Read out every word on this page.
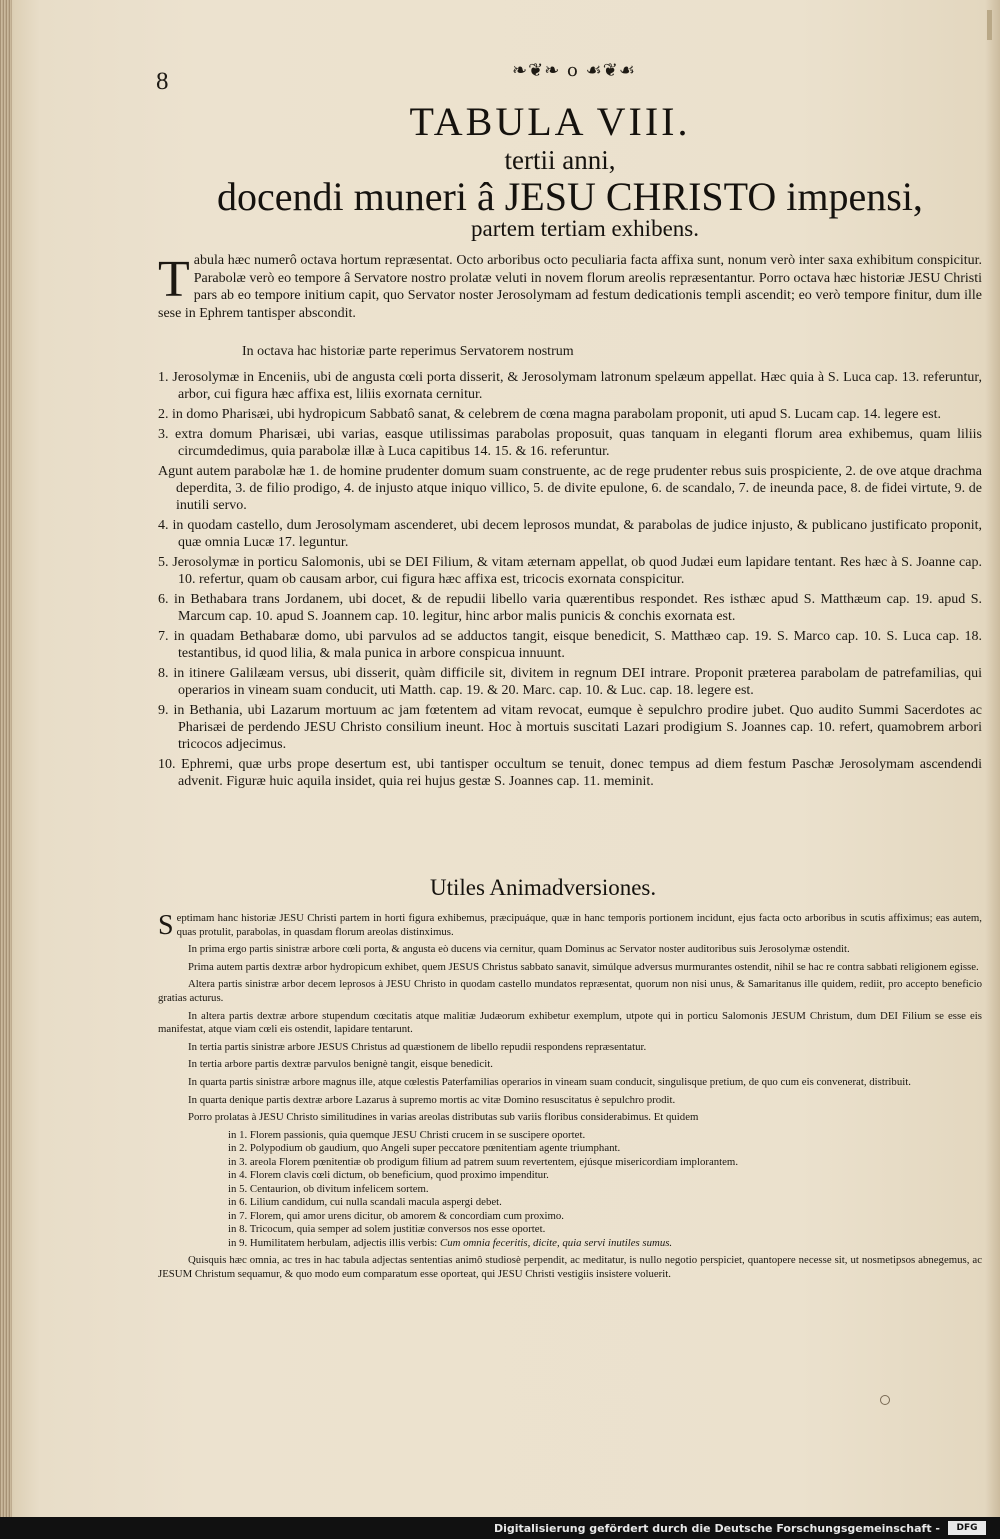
8	❧❦❧ o ☙❦☙
TABULA VIII.
tertii anni,
docendi muneri â JESU CHRISTO impensi,
partem tertiam exhibens.
Tabula hæc numerô octava hortum repræsentat. Octo arboribus octo peculiaria facta affixa sunt, nonum verò inter saxa exhibitum conspicitur. Parabolæ verò eo tempore â Servatore nostro prolatæ veluti in novem florum areolis repræsentantur. Porro octava hæc historiæ JESU Christi pars ab eo tempore initium capit, quo Servator noster Jerosolymam ad festum dedicationis templi ascendit; eo verò tempore finitur, dum ille sese in Ephrem tantisper abscondit.
In octava hac historiæ parte reperimus Servatorem nostrum
1. Jerosolymæ in Enceniis, ubi de angusta cœli porta disserit, & Jerosolymam latronum spelæum appellat. Hæc quia à S. Luca cap. 13. referuntur, arbor, cui figura hæc affixa est, liliis exornata cernitur.
2. in domo Pharisæi, ubi hydropicum Sabbatô sanat, & celebrem de cœna magna parabolam proponit, uti apud S. Lucam cap. 14. legere est.
3. extra domum Pharisæi, ubi varias, easque utilissimas parabolas proposuit, quas tanquam in eleganti florum area exhibemus, quam liliis circumdedimus, quia parabolæ illæ à Luca capitibus 14. 15. & 16. referuntur.
Agunt autem parabolæ hæ 1. de homine prudenter domum suam construente, ac de rege prudenter rebus suis prospiciente, 2. de ove atque drachma deperdita, 3. de filio prodigo, 4. de injusto atque iniquo villico, 5. de divite epulone, 6. de scandalo, 7. de ineunda pace, 8. de fidei virtute, 9. de inutili servo.
4. in quodam castello, dum Jerosolymam ascenderet, ubi decem leprosos mundat, & parabolas de judice injusto, & publicano justificato proponit, quæ omnia Lucæ 17. leguntur.
5. Jerosolymæ in porticu Salomonis, ubi se DEI Filium, & vitam æternam appellat, ob quod Judæi eum lapidare tentant. Res hæc à S. Joanne cap. 10. refertur, quam ob causam arbor, cui figura hæc affixa est, tricocis exornata conspicitur.
6. in Bethabara trans Jordanem, ubi docet, & de repudii libello varia quærentibus respondet. Res isthæc apud S. Matthæum cap. 19. apud S. Marcum cap. 10. apud S. Joannem cap. 10. legitur, hinc arbor malis punicis & conchis exornata est.
7. in quadam Bethabaræ domo, ubi parvulos ad se adductos tangit, eisque benedicit, S. Matthæo cap. 19. S. Marco cap. 10. S. Luca cap. 18. testantibus, id quod lilia, & mala punica in arbore conspicua innuunt.
8. in itinere Galilæam versus, ubi disserit, quàm difficile sit, divitem in regnum DEI intrare. Proponit præterea parabolam de patrefamilias, qui operarios in vineam suam conducit, uti Matth. cap. 19. & 20. Marc. cap. 10. & Luc. cap. 18. legere est.
9. in Bethania, ubi Lazarum mortuum ac jam fœtentem ad vitam revocat, eumque è sepulchro prodire jubet. Quo audito Summi Sacerdotes ac Pharisæi de perdendo JESU Christo consilium ineunt. Hoc à mortuis suscitati Lazari prodigium S. Joannes cap. 10. refert, quamobrem arbori tricocos adjecimus.
10. Ephremi, quæ urbs prope desertum est, ubi tantisper occultum se tenuit, donec tempus ad diem festum Paschæ Jerosolymam ascendendi advenit. Figuræ huic aquila insidet, quia rei hujus gestæ S. Joannes cap. 11. meminit.
Utiles Animadversiones.

Septimam hanc historiæ JESU Christi partem in horti figura exhibemus, præcipuáque, quæ in hanc temporis portionem incidunt, ejus facta octo arboribus in scutis affiximus; eas autem, quas protulit, parabolas, in quasdam florum areolas distinximus.

In prima ergo partis sinistræ arbore cœli porta, & angusta eò ducens via cernitur, quam Dominus ac Servator noster auditoribus suis Jerosolymæ ostendit.

Prima autem partis dextræ arbor hydropicum exhibet, quem JESUS Christus sabbato sanavit, simúlque adversus murmurantes ostendit, nihil se hac re contra sabbati religionem egisse.

Altera partis sinistræ arbor decem leprosos à JESU Christo in quodam castello mundatos repræsentat, quorum non nisi unus, & Samaritanus ille quidem, rediit, pro accepto beneficio gratias acturus.

In altera partis dextræ arbore stupendum cœcitatis atque malitiæ Judæorum exhibetur exemplum, utpote qui in porticu Salomonis JESUM Christum, dum DEI Filium se esse eis manifestat, atque viam cœli eis ostendit, lapidare tentarunt.

In tertia partis sinistræ arbore JESUS Christus ad quæstionem de libello repudii respondens repræsentatur.

In tertia arbore partis dextræ parvulos benignè tangit, eisque benedicit.

In quarta partis sinistræ arbore magnus ille, atque cœlestis Paterfamilias operarios in vineam suam conducit, singulisque pretium, de quo cum eis convenerat, distribuit.

In quarta denique partis dextræ arbore Lazarus à supremo mortis ac vitæ Domino resuscitatus è sepulchro prodit.

Porro prolatas à JESU Christo similitudines in varias areolas distributas sub variis floribus considerabimus. Et quidem

in 1. Florem passionis, quia quemque JESU Christi crucem in se suscipere oportet.
in 2. Polypodium ob gaudium, quo Angeli super peccatore pœnitentiam agente triumphant.
in 3. areola Florem pœnitentiæ ob prodigum filium ad patrem suum revertentem, ejúsque misericordiam implorantem.
in 4. Florem clavis cœli dictum, ob beneficium, quod proximo impenditur.
in 5. Centaurion, ob divitum infelicem sortem.
in 6. Lilium candidum, cui nulla scandali macula aspergi debet.
in 7. Florem, qui amor urens dicitur, ob amorem & concordiam cum proximo.
in 8. Tricocum, quia semper ad solem justitiæ conversos nos esse oportet.
in 9. Humilitatem herbulam, adjectis illis verbis: Cum omnia feceritis, dicite, quia servi inutiles sumus.

Quisquis hæc omnia, ac tres in hac tabula adjectas sententias animô studiosè perpendit, ac meditatur, is nullo negotio perspiciet, quantopere necesse sit, ut nosmetipsos abnegemus, ac JESUM Christum sequamur, & quo modo eum comparatum esse oporteat, qui JESU Christi vestigiis insistere voluerit.

Digitalisierung gefördert durch die Deutsche Forschungsgemeinschaft -	DFG
